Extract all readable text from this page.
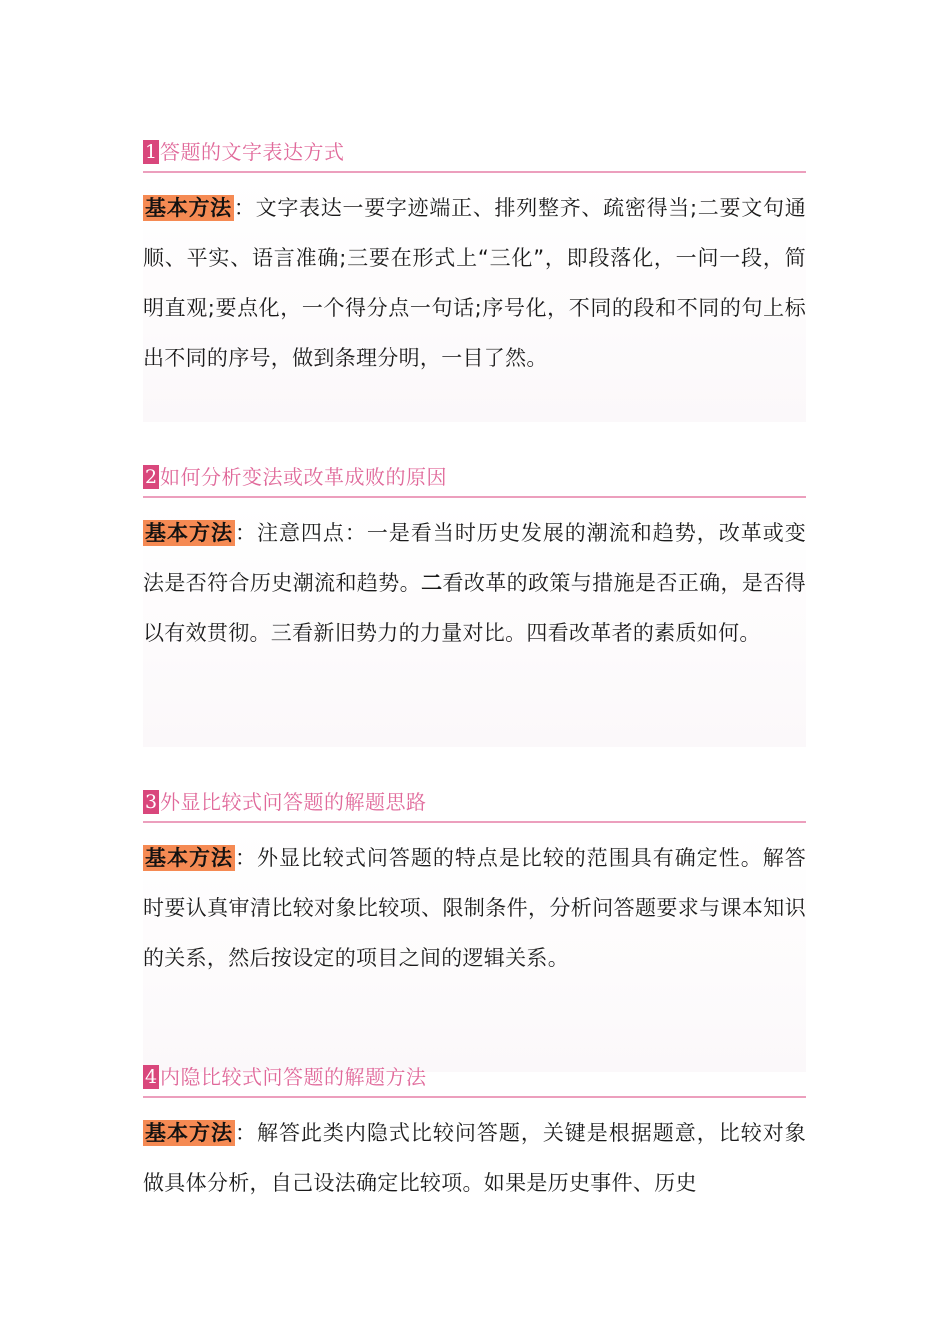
1 答题的文字表达方式
基本方法：文字表达一要字迹端正、排列整齐、疏密得当;二要文句通顺、平实、语言准确;三要在形式上“三化”，即段落化，一问一段，简明直观;要点化，一个得分点一句话;序号化，不同的段和不同的句上标出不同的序号，做到条理分明，一目了然。
2 如何分析变法或改革成败的原因
基本方法：注意四点：一是看当时历史发展的潮流和趋势，改革或变法是否符合历史潮流和趋势。二看改革的政策与措施是否正确，是否得以有效贯彻。三看新旧势力的力量对比。四看改革者的素质如何。
3 外显比较式问答题的解题思路
基本方法：外显比较式问答题的特点是比较的范围具有确定性。解答时要认真审清比较对象比较项、限制条件，分析问答题要求与课本知识的关系，然后按设定的项目之间的逻辑关系。
4 内隐比较式问答题的解题方法
基本方法：解答此类内隐式比较问答题，关键是根据题意，比较对象做具体分析，自己设法确定比较项。如果是历史事件、历史
